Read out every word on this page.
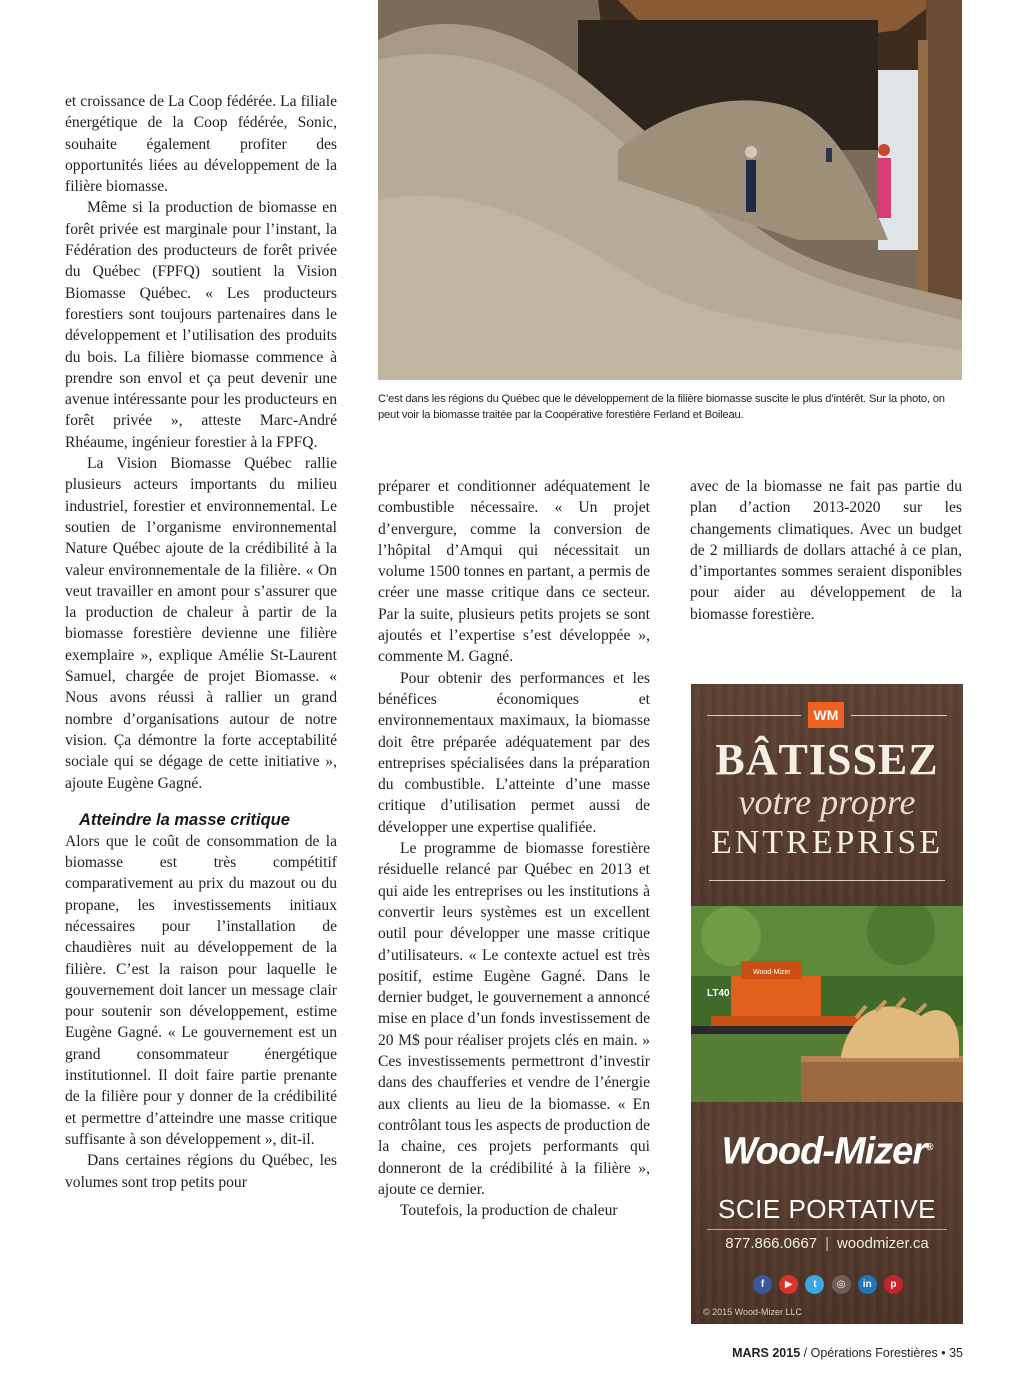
C’est dans les régions du Québec que le développement de la filière biomasse suscite le plus d’intérêt. Sur la photo, on peut voir la biomasse traitée par la Coopérative forestière Ferland et Boileau.

et croissance de La Coop fédérée. La filiale énergétique de la Coop fédérée, Sonic, souhaite également profiter des opportunités liées au développement de la filière biomasse.

Même si la production de biomasse en forêt privée est marginale pour l’instant, la Fédération des producteurs de forêt privée du Québec (FPFQ) soutient la Vision Biomasse Québec. « Les producteurs forestiers sont toujours partenaires dans le développement et l’utilisation des produits du bois. La filière biomasse commence à prendre son envol et ça peut devenir une avenue intéressante pour les producteurs en forêt privée », atteste Marc-André Rhéaume, ingénieur forestier à la FPFQ.

La Vision Biomasse Québec rallie plusieurs acteurs importants du milieu industriel, forestier et environnemental. Le soutien de l’organisme environnemental Nature Québec ajoute de la crédibilité à la valeur environnementale de la filière. « On veut travailler en amont pour s’assurer que la production de chaleur à partir de la biomasse forestière devienne une filière exemplaire », explique Amélie St-Laurent Samuel, chargée de projet Biomasse. « Nous avons réussi à rallier un grand nombre d’organisations autour de notre vision. Ça démontre la forte acceptabilité sociale qui se dégage de cette initiative », ajoute Eugène Gagné.

Atteindre la masse critique

Alors que le coût de consommation de la biomasse est très compétitif comparativement au prix du mazout ou du propane, les investissements initiaux nécessaires pour l’installation de chaudières nuit au développement de la filière. C’est la raison pour laquelle le gouvernement doit lancer un message clair pour soutenir son développement, estime Eugène Gagné. « Le gouvernement est un grand consommateur énergétique institutionnel. Il doit faire partie prenante de la filière pour y donner de la crédibilité et permettre d’atteindre une masse critique suffisante à son développement », dit-il.

Dans certaines régions du Québec, les volumes sont trop petits pour

préparer et conditionner adéquatement le combustible nécessaire. « Un projet d’envergure, comme la conversion de l’hôpital d’Amqui qui nécessitait un volume 1500 tonnes en partant, a permis de créer une masse critique dans ce secteur. Par la suite, plusieurs petits projets se sont ajoutés et l’expertise s’est développée », commente M. Gagné.

Pour obtenir des performances et les bénéfices économiques et environnementaux maximaux, la biomasse doit être préparée adéquatement par des entreprises spécialisées dans la préparation du combustible. L’atteinte d’une masse critique d’utilisation permet aussi de développer une expertise qualifiée.

Le programme de biomasse forestière résiduelle relancé par Québec en 2013 et qui aide les entreprises ou les institutions à convertir leurs systèmes est un excellent outil pour développer une masse critique d’utilisateurs. « Le contexte actuel est très positif, estime Eugène Gagné. Dans le dernier budget, le gouvernement a annoncé mise en place d’un fonds investissement de 20 M$ pour réaliser projets clés en main. » Ces investissements permettront d’investir dans des chaufferies et vendre de l’énergie aux clients au lieu de la biomasse. « En contrôlant tous les aspects de production de la chaine, ces projets performants qui donneront de la crédibilité à la filière », ajoute ce dernier.

Toutefois, la production de chaleur

avec de la biomasse ne fait pas partie du plan d’action 2013-2020 sur les changements climatiques. Avec un budget de 2 milliards de dollars attaché à ce plan, d’importantes sommes seraient disponibles pour aider au développement de la biomasse forestière.

WM
BÂTISSEZ
votre propre
ENTREPRISE
LT40
Wood-Mizer
Wood-Mizer®
SCIE PORTATIVE
877.866.0667 | woodmizer.ca
f	▶	t	◎	in	p
© 2015 Wood-Mizer LLC
MARS 2015 / Opérations Forestières • 35
